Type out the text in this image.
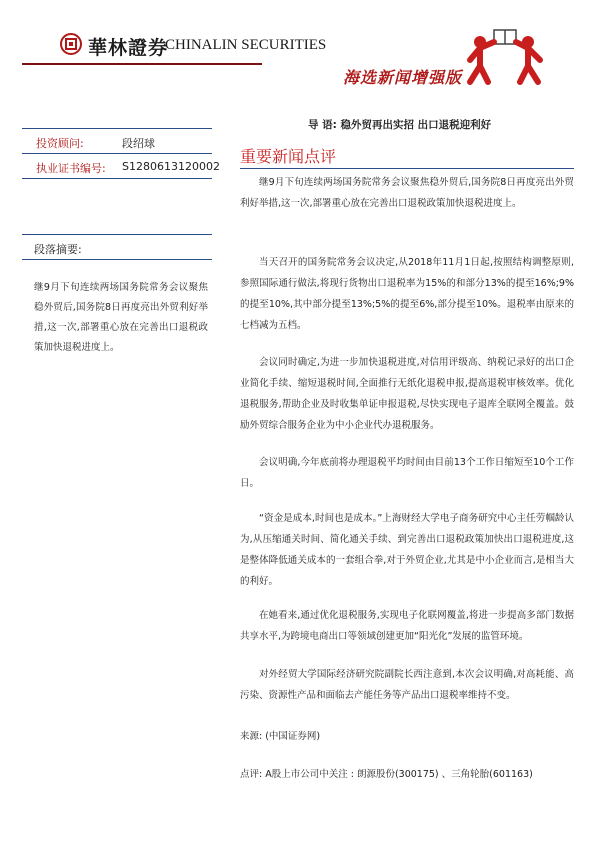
華林證券
CHINALIN SECURITIES
海选新闻增强版
投资顾问:	段绍球
执业证书编号: S1280613120002
段落摘要:
继9月下旬连续两场国务院常务会议聚焦稳外贸后,国务院8日再度亮出外贸利好举措,这一次,部署重心放在完善出口退税政策加快退税进度上。
导 语: 稳外贸再出实招 出口退税迎利好
重要新闻点评

继9月下旬连续两场国务院常务会议聚焦稳外贸后,国务院8日再度亮出外贸利好举措,这一次,部署重心放在完善出口退税政策加快退税进度上。

当天召开的国务院常务会议决定,从2018年11月1日起,按照结构调整原则,参照国际通行做法,将现行货物出口退税率为15%的和部分13%的提至16%;9%的提至10%,其中部分提至13%;5%的提至6%,部分提至10%。退税率由原来的七档减为五档。

会议同时确定,为进一步加快退税进度,对信用评级高、纳税记录好的出口企业简化手续、缩短退税时间,全面推行无纸化退税申报,提高退税审核效率。优化退税服务,帮助企业及时收集单证申报退税,尽快实现电子退库全联网全覆盖。鼓励外贸综合服务企业为中小企业代办退税服务。

会议明确,今年底前将办理退税平均时间由目前13个工作日缩短至10个工作日。

“资金是成本,时间也是成本。”上海财经大学电子商务研究中心主任劳帼龄认为,从压缩通关时间、简化通关手续、到完善出口退税政策加快出口退税进度,这是整体降低通关成本的一套组合拳,对于外贸企业,尤其是中小企业而言,是相当大的利好。

在她看来,通过优化退税服务,实现电子化联网覆盖,将进一步提高多部门数据共享水平,为跨境电商出口等领域创建更加“阳光化”发展的监管环境。

对外经贸大学国际经济研究院副院长西注意到,本次会议明确,对高耗能、高污染、资源性产品和面临去产能任务等产品出口退税率维持不变。

来源: (中国证券网)
点评: A股上市公司中关注 : 朗源股份(300175) 、三角轮胎(601163)
